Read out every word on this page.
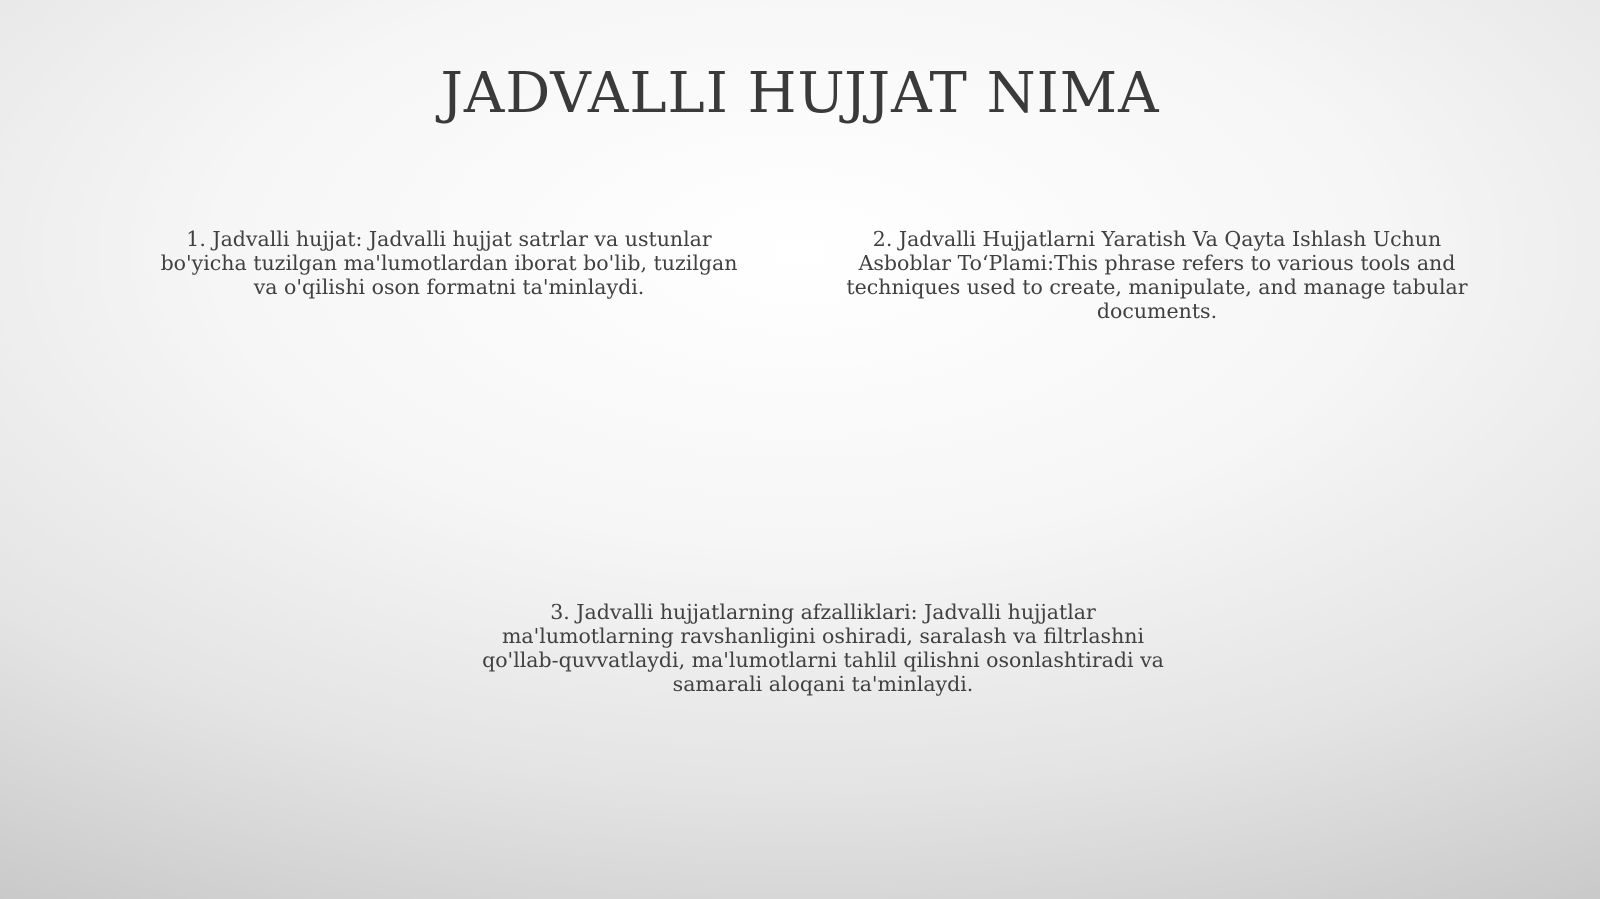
JADVALLI HUJJAT NIMA

1. Jadvalli hujjat: Jadvalli hujjat satrlar va ustunlar bo'yicha tuzilgan ma'lumotlardan iborat bo'lib, tuzilgan va o'qilishi oson formatni ta'minlaydi.

2. Jadvalli Hujjatlarni Yaratish Va Qayta Ishlash Uchun Asboblar To‘Plami:This phrase refers to various tools and techniques used to create, manipulate, and manage tabular documents.

3. Jadvalli hujjatlarning afzalliklari: Jadvalli hujjatlar ma'lumotlarning ravshanligini oshiradi, saralash va filtrlashni qo'llab-quvvatlaydi, ma'lumotlarni tahlil qilishni osonlashtiradi va samarali aloqani ta'minlaydi.
